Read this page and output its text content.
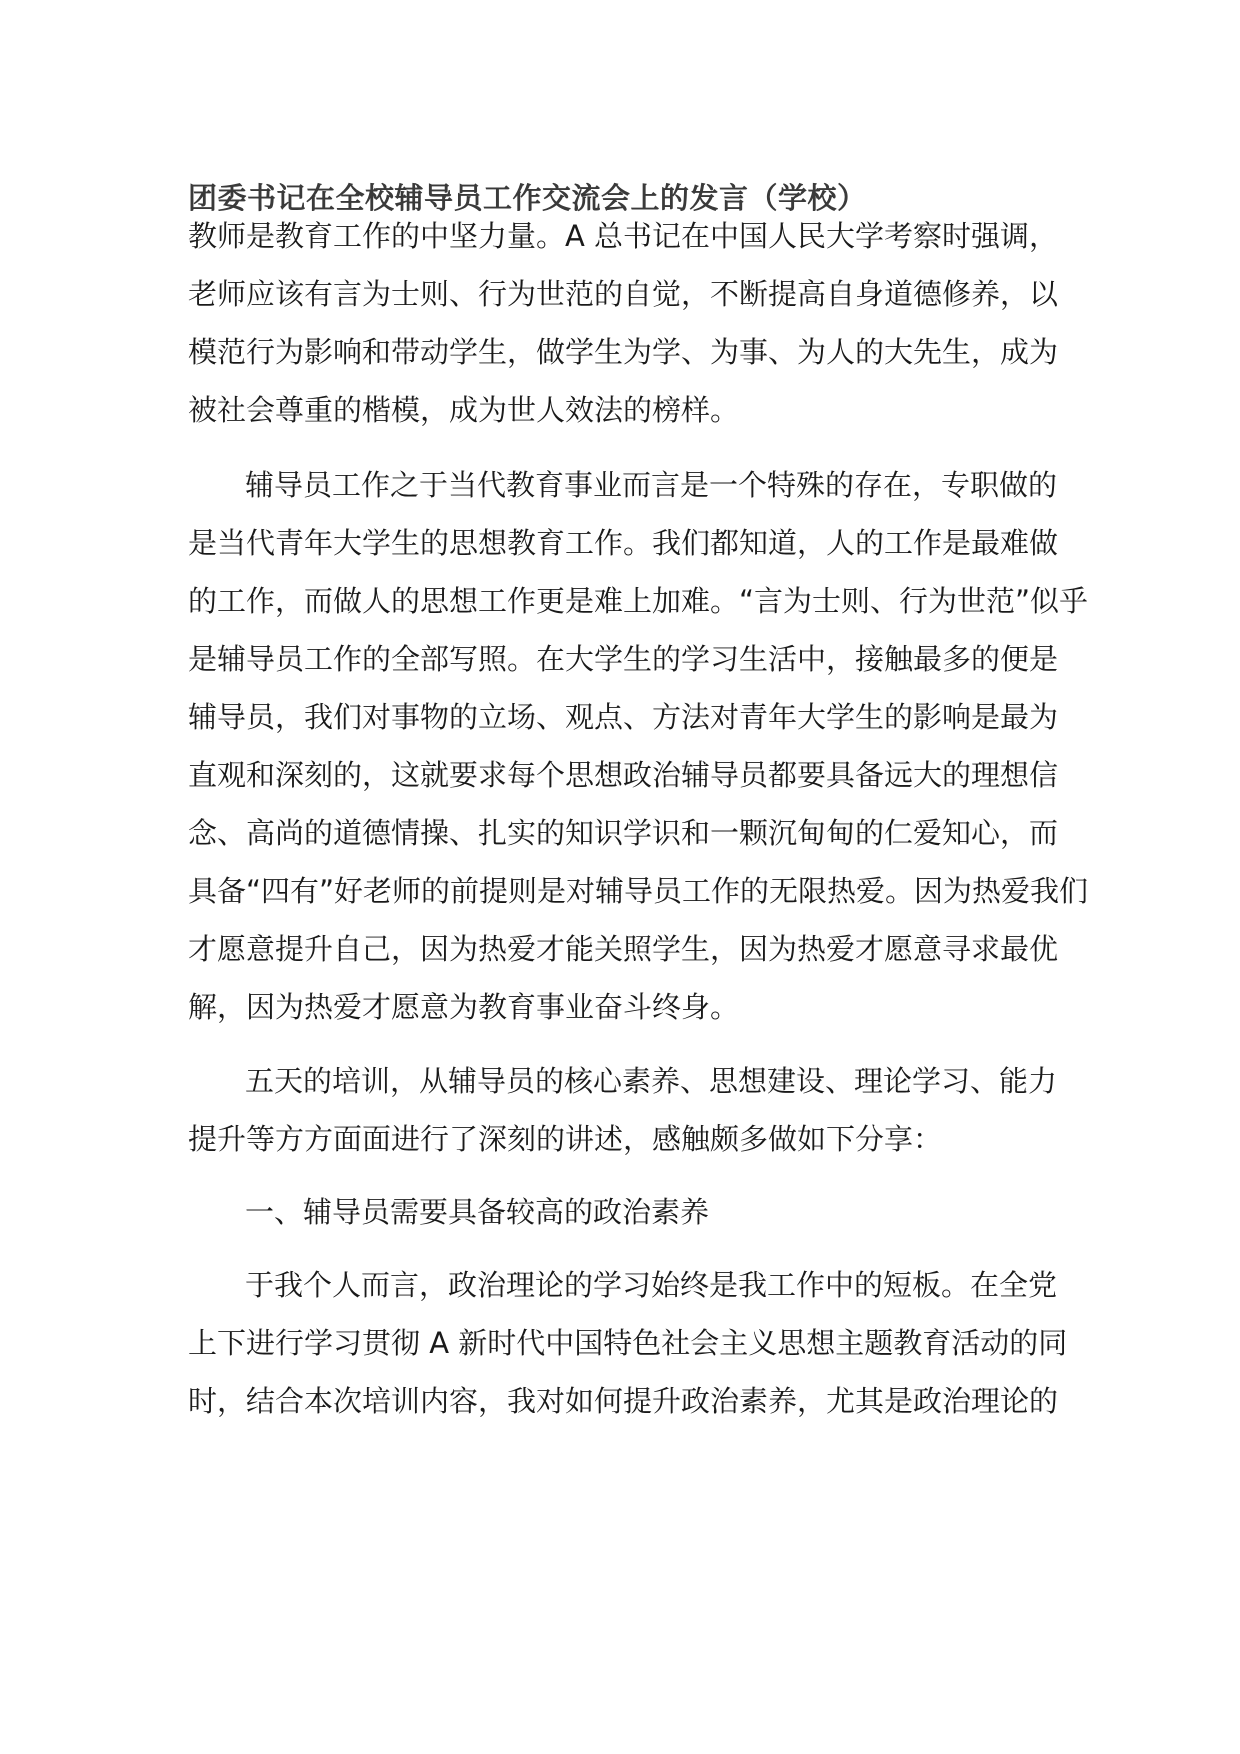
团委书记在全校辅导员工作交流会上的发言（学校）

教师是教育工作的中坚力量。A 总书记在中国人民大学考察时强调，

老师应该有言为士则、行为世范的自觉，不断提高自身道德修养，以

模范行为影响和带动学生，做学生为学、为事、为人的大先生，成为

被社会尊重的楷模，成为世人效法的榜样。

辅导员工作之于当代教育事业而言是一个特殊的存在，专职做的

是当代青年大学生的思想教育工作。我们都知道，人的工作是最难做

的工作，而做人的思想工作更是难上加难。“言为士则、行为世范”似乎

是辅导员工作的全部写照。在大学生的学习生活中，接触最多的便是

辅导员，我们对事物的立场、观点、方法对青年大学生的影响是最为

直观和深刻的，这就要求每个思想政治辅导员都要具备远大的理想信

念、高尚的道德情操、扎实的知识学识和一颗沉甸甸的仁爱知心，而

具备“四有”好老师的前提则是对辅导员工作的无限热爱。因为热爱我们

才愿意提升自己，因为热爱才能关照学生，因为热爱才愿意寻求最优

解，因为热爱才愿意为教育事业奋斗终身。

五天的培训，从辅导员的核心素养、思想建设、理论学习、能力

提升等方方面面进行了深刻的讲述，感触颇多做如下分享：

一、辅导员需要具备较高的政治素养

于我个人而言，政治理论的学习始终是我工作中的短板。在全党

上下进行学习贯彻 A 新时代中国特色社会主义思想主题教育活动的同

时，结合本次培训内容，我对如何提升政治素养，尤其是政治理论的
